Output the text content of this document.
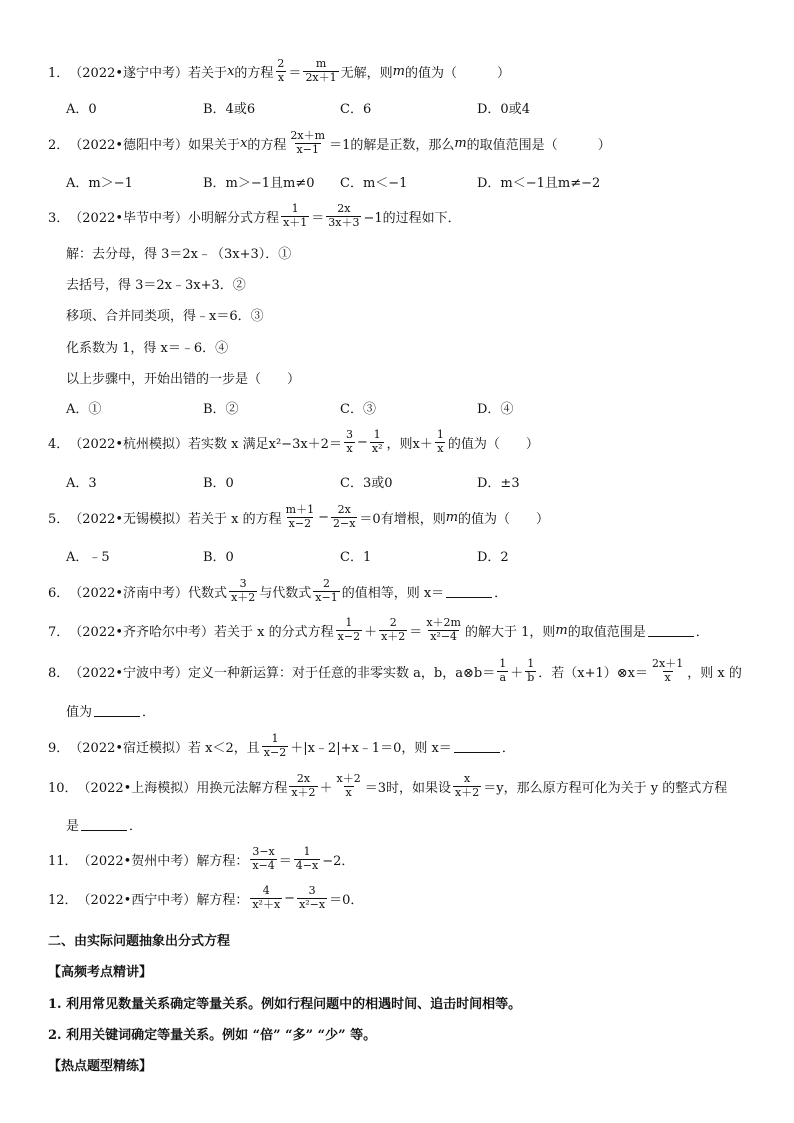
1． （2022•遂宁中考） 若关于 x 的方程 $\frac{2}{x} = \frac{m}{2x+1}$ 无解，则 m 的值为（	）
A．0	B．4或6	C．6	D．0或4
2． （2022•德阳中考） 如果关于 x 的方程 $\frac{2x+m}{x-1} =1$的解是正数，那么 m 的取值范围是（	）
A．m＞−1	B．m＞−1且m≠0	C．m＜−1	D．m＜−1且m≠−2
3． （2022•毕节中考） 小明解分式方程 $\frac{1}{x+1} = \frac{2x}{3x+3} -1$的过程如下．
解：去分母，得 3＝2x﹣（3x+3）．①
去括号，得 3＝2x﹣3x+3．②
移项、合并同类项，得﹣x＝6．③
化系数为 1，得 x＝﹣6．④
以上步骤中，开始出错的一步是（　　）
A．①	B．②	C．③	D．④
4． （2022•杭州模拟） 若实数 x 满足$x^2-3x+2= \frac{3}{x} - \frac{1}{\text{x²}}$ ，则$x+ \frac{1}{x}$ 的值为（　　）
A．3	B．0	C．3或0	D．±3
5． （2022•无锡模拟） 若关于 x 的方程 $\frac{m+1}{x-2} - \frac{2x}{2-x} =0$有增根，则 m 的值为（　　）
A．﹣5	B．0	C．1	D．2
6． （2022•济南中考） 代数式 $\frac{3}{x+2}$ 与代数式 $\frac{2}{x-1}$ 的值相等，则 x＝	．
7． （2022•齐齐哈尔中考） 若关于 x 的分式方程 $\frac{1}{x-2} + \frac{2}{x+2} = \frac{x+2m}{\text{x²−4}}$ 的解大于 1，则 m 的取值范围是	．
8． （2022•宁波中考） 定义一种新运算：对于任意的非零实数 a，b，a⊗b＝ $\frac{1}{a} + \frac{1}{b}$ ．若（x+1）⊗x＝ $\frac{2x+1}{x}$ ，则 x 的
值为	．
9． （2022•宿迁模拟） 若 x＜2，且 $\frac{1}{x-2}$ ＋|x﹣2|+x﹣1＝0，则 x＝	．
10． （2022•上海模拟） 用换元法解方程 $\frac{2x}{x+2} + \frac{x+2}{x} =3$时，如果设 $\frac{x}{x+2} =y$，那么原方程可化为关于 y 的整式方程
是	．
11． （2022•贺州中考） 解方程： $\frac{3-x}{x-4} = \frac{1}{4-x} -2$．
12． （2022•西宁中考） 解方程： $\frac{4}{\text{x²＋x}} - \frac{3}{\text{x²−x}} =0$．
二、由实际问题抽象出分式方程
【高频考点精讲】
1. 利用常见数量关系确定等量关系。例如行程问题中的相遇时间、追击时间相等。
2. 利用关键词确定等量关系。例如 “倍” “多” “少” 等。
【热点题型精练】
